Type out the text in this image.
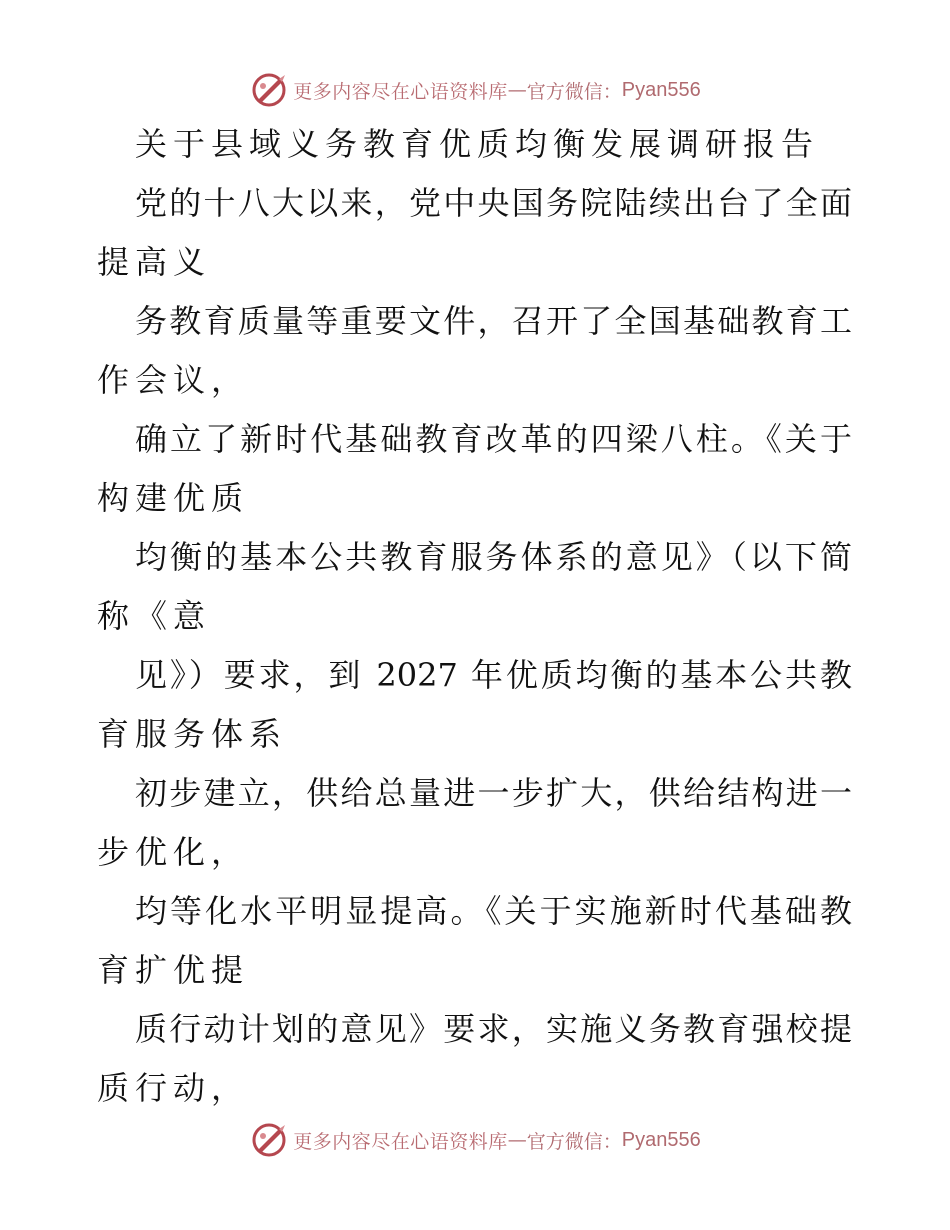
更多内容尽在心语资料库 — 官方微信： Pyan556
关于县域义务教育优质均衡发展调研报告
党的十八大以来，党中央国务院陆续出台了全面
提高义
务教育质量等重要文件，召开了全国基础教育工
作会议，
确立了新时代基础教育改革的四梁八柱。《关于
构建优质
均衡的基本公共教育服务体系的意见》（以下简
称《意
见》）要求，到 2027 年优质均衡的基本公共教
育服务体系
初步建立，供给总量进一步扩大，供给结构进一
步优化，
均等化水平明显提高。《关于实施新时代基础教
育扩优提
质行动计划的意见》要求，实施义务教育强校提
质行动，
更多内容尽在心语资料库 — 官方微信： Pyan556
